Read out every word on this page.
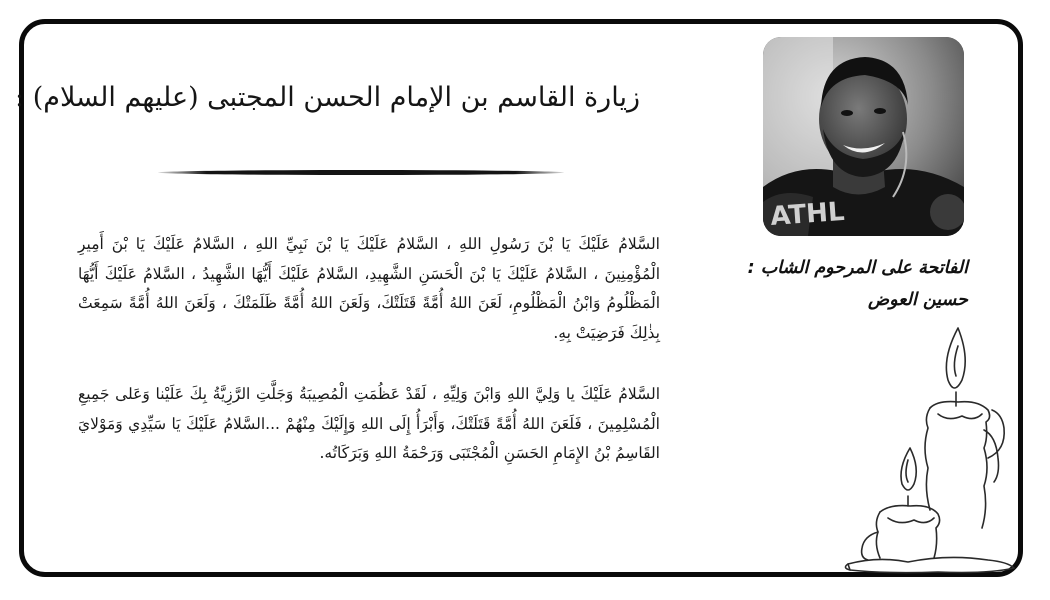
زيارة القاسم بن الإمام الحسن المجتبى (عليهم السلام) :
السَّلامُ عَلَيْكَ يَا بْنَ رَسُولِ اللهِ ، السَّلامُ عَلَيْكَ يَا بْنَ نَبِيِّ اللهِ ، السَّلامُ عَلَيْكَ يَا بْنَ أَمِيرِ الْمُؤْمِنِينَ ، السَّلامُ عَلَيْكَ يَا بْنَ الْحَسَنِ الشَّهِيدِ، السَّلامُ عَلَيْكَ أَيُّهَا الشَّهِيدُ ، السَّلامُ عَلَيْكَ أَيُّهَا الْمَظْلُومُ وَابْنُ الْمَظْلُومِ، لَعَنَ اللهُ أُمَّةً قَتَلَتْكَ، وَلَعَنَ اللهُ أُمَّةً ظَلَمَتْكَ ، وَلَعَنَ اللهُ أُمَّةً سَمِعَتْ بِذٰلِكَ فَرَضِيَتْ بِهِ.
السَّلامُ عَلَيْكَ يا وَلِيَّ اللهِ وَابْنَ وَلِيِّهِ ، لَقَدْ عَظُمَتِ الْمُصِيبَةُ وَجَلَّتِ الرَّزِيَّةُ بِكَ عَلَيْنا وَعَلى جَمِيعِ الْمُسْلِمِينَ ، فَلَعَنَ اللهُ أُمَّةً قَتَلَتْكَ، وَأَبْرَأُ إِلَى اللهِ وَإِلَيْكَ مِنْهُمْ ...السَّلامُ عَلَيْكَ يَا سَيِّدِي وَمَوْلايَ القَاسِمُ بْنُ الإِمَامِ الحَسَنِ الْمُجْتَبَى وَرَحْمَةُ اللهِ وَبَرَكَاتُه.
ATHL
الفاتحة على المرحوم الشاب :
حسين العوض
